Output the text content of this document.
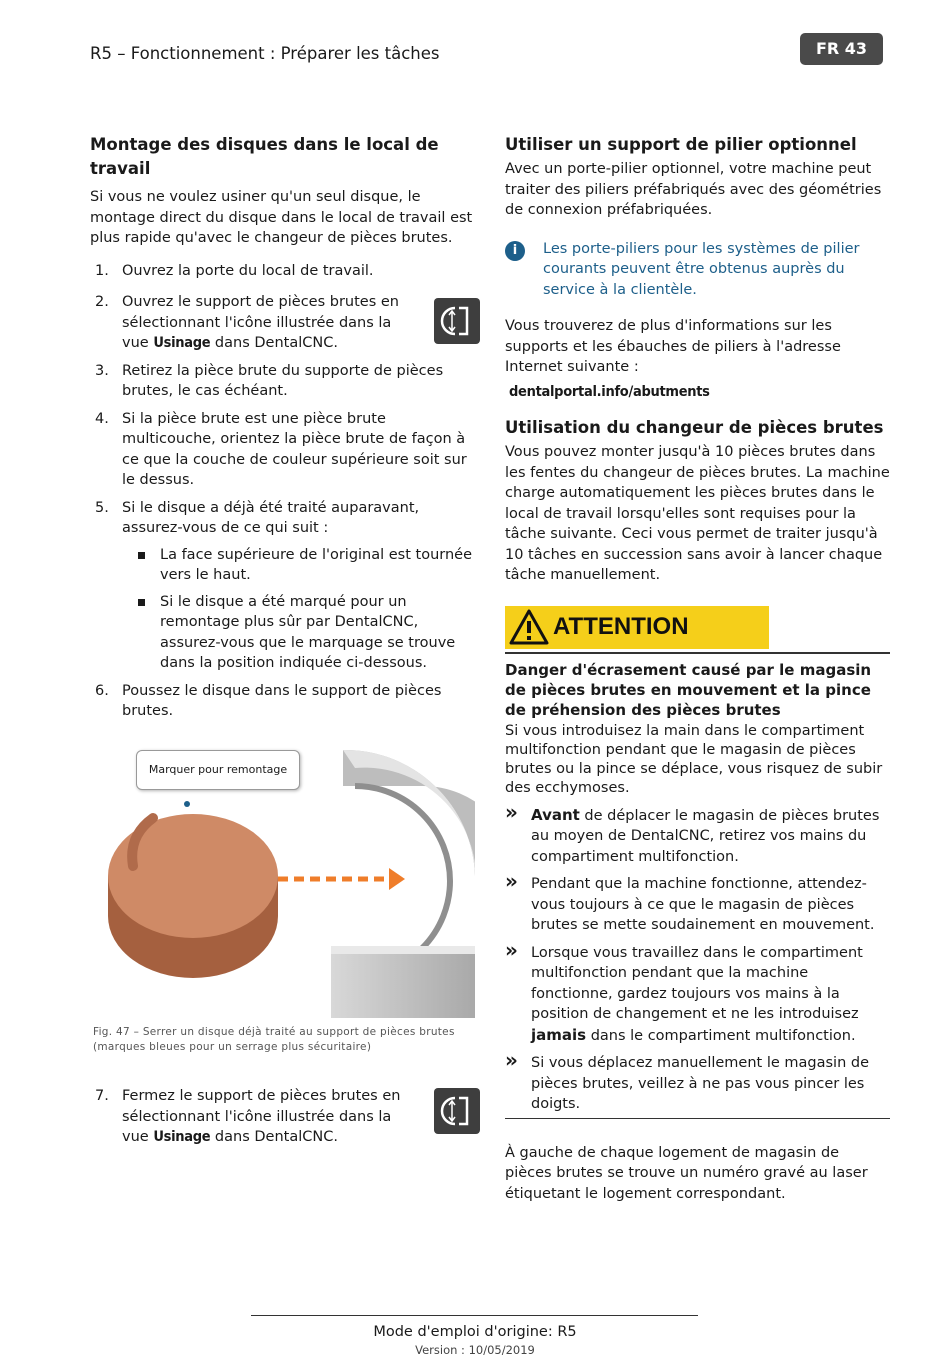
R5 – Fonctionnement : Préparer les tâches	FR 43
Montage des disques dans le local de travail

Si vous ne voulez usiner qu'un seul disque, le montage direct du disque dans le local de travail est plus rapide qu'avec le changeur de pièces brutes.

1. Ouvrez la porte du local de travail.
2. Ouvrez le support de pièces brutes en sélectionnant l'icône illustrée dans la vue Usinage dans DentalCNC.
3. Retirez la pièce brute du supporte de pièces brutes, le cas échéant.
4. Si la pièce brute est une pièce brute multicouche, orientez la pièce brute de façon à ce que la couche de couleur supérieure soit sur le dessus.
5. Si le disque a déjà été traité auparavant, assurez-vous de ce qui suit :
La face supérieure de l'original est tournée vers le haut.
Si le disque a été marqué pour un remontage plus sûr par DentalCNC, assurez-vous que le marquage se trouve dans la position indiquée ci-dessous.
6. Poussez le disque dans le support de pièces brutes.
Marquer pour remontage
Fig. 47 – Serrer un disque déjà traité au support de pièces brutes (marques bleues pour un serrage plus sécuritaire)
7. Fermez le support de pièces brutes en sélectionnant l'icône illustrée dans la vue Usinage dans DentalCNC.
Utiliser un support de pilier optionnel

Avec un porte-pilier optionnel, votre machine peut traiter des piliers préfabriqués avec des géométries de connexion préfabriquées.

i	Les porte-piliers pour les systèmes de pilier courants peuvent être obtenus auprès du service à la clientèle.

Vous trouverez de plus d'informations sur les supports et les ébauches de piliers à l'adresse Internet suivante :

dentalportal.info/abutments

Utilisation du changeur de pièces brutes

Vous pouvez monter jusqu'à 10 pièces brutes dans les fentes du changeur de pièces brutes. La machine charge automatiquement les pièces brutes dans le local de travail lorsqu'elles sont requises pour la tâche suivante. Ceci vous permet de traiter jusqu'à 10 tâches en succession sans avoir à lancer chaque tâche manuellement.

ATTENTION

Danger d'écrasement causé par le magasin de pièces brutes en mouvement et la pince de préhension des pièces brutes

Si vous introduisez la main dans le compartiment multifonction pendant que le magasin de pièces brutes ou la pince se déplace, vous risquez de subir des ecchymoses.

» Avant de déplacer le magasin de pièces brutes au moyen de DentalCNC, retirez vos mains du compartiment multifonction.
» Pendant que la machine fonctionne, attendez-vous toujours à ce que le magasin de pièces brutes se mette soudainement en mouvement.
» Lorsque vous travaillez dans le compartiment multifonction pendant que la machine fonctionne, gardez toujours vos mains à la position de changement et ne les introduisez jamais dans le compartiment multifonction.
» Si vous déplacez manuellement le magasin de pièces brutes, veillez à ne pas vous pincer les doigts.

À gauche de chaque logement de magasin de pièces brutes se trouve un numéro gravé au laser étiquetant le logement correspondant.

Mode d'emploi d'origine: R5
Version : 10/05/2019
